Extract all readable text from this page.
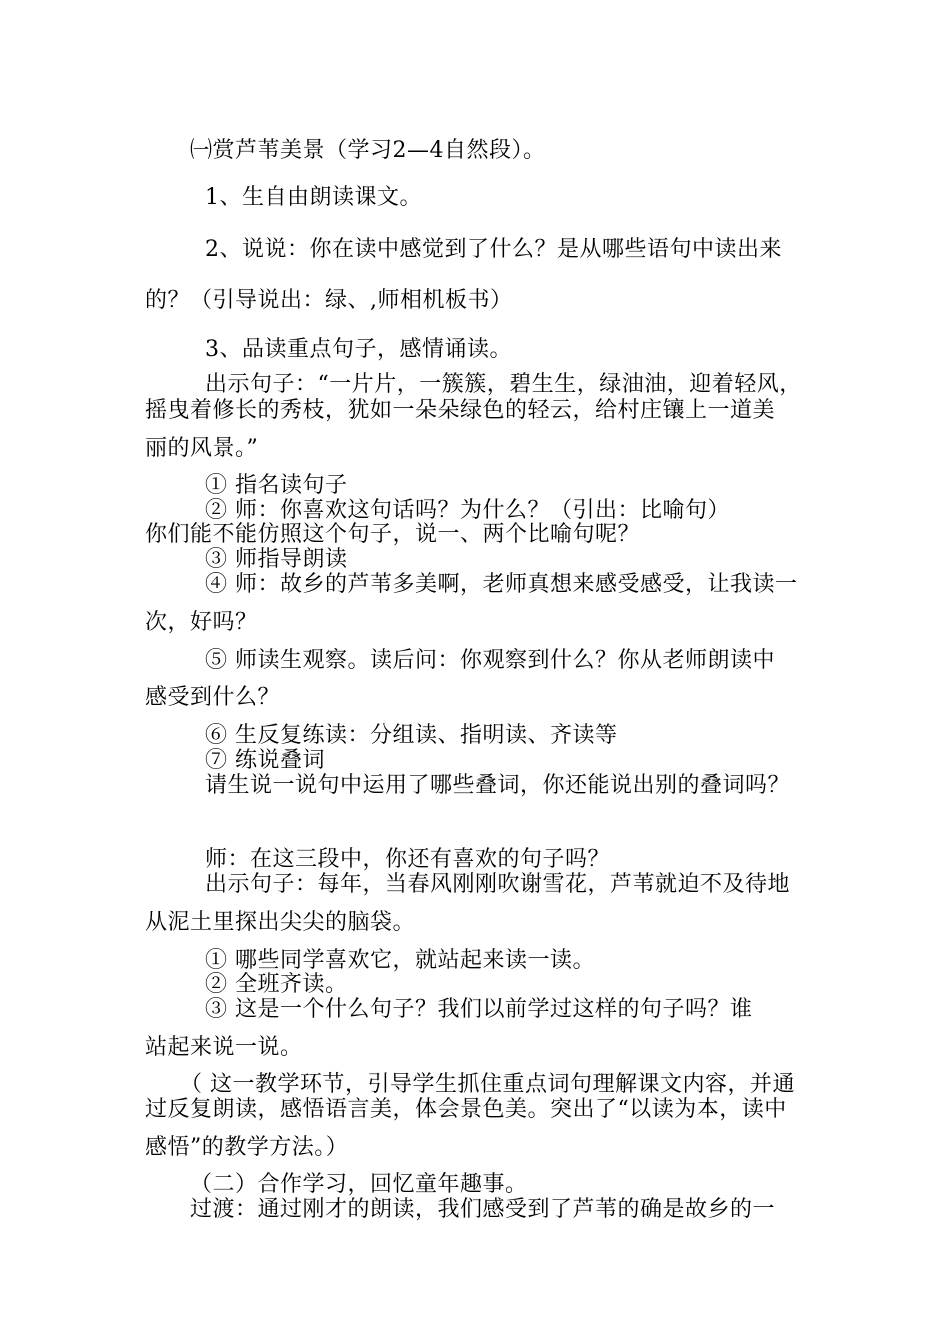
㈠赏芦苇美景（学习2—4自然段）。
1、生自由朗读课文。
2、说说：你在读中感觉到了什么？是从哪些语句中读出来
的？（引导说出：绿、,师相机板书）
3、品读重点句子，感情诵读。
出示句子：“一片片，一簇簇，碧生生，绿油油，迎着轻风，
摇曳着修长的秀枝，犹如一朵朵绿色的轻云，给村庄镶上一道美
丽的风景。”
① 指名读句子
② 师：你喜欢这句话吗？为什么？（引出：比喻句）
你们能不能仿照这个句子，说一、两个比喻句呢？
③ 师指导朗读
④ 师：故乡的芦苇多美啊，老师真想来感受感受，让我读一
次，好吗？
⑤ 师读生观察。读后问：你观察到什么？你从老师朗读中
感受到什么？
⑥ 生反复练读：分组读、指明读、齐读等
⑦ 练说叠词
请生说一说句中运用了哪些叠词，你还能说出别的叠词吗？
师：在这三段中，你还有喜欢的句子吗？
出示句子：每年，当春风刚刚吹谢雪花，芦苇就迫不及待地
从泥土里探出尖尖的脑袋。
① 哪些同学喜欢它，就站起来读一读。
② 全班齐读。
③ 这是一个什么句子？我们以前学过这样的句子吗？谁
站起来说一说。
（ 这一教学环节，引导学生抓住重点词句理解课文内容，并通
过反复朗读，感悟语言美，体会景色美。突出了“以读为本，读中
感悟”的教学方法。）
（二）合作学习，回忆童年趣事。
过渡：通过刚才的朗读，我们感受到了芦苇的确是故乡的一
